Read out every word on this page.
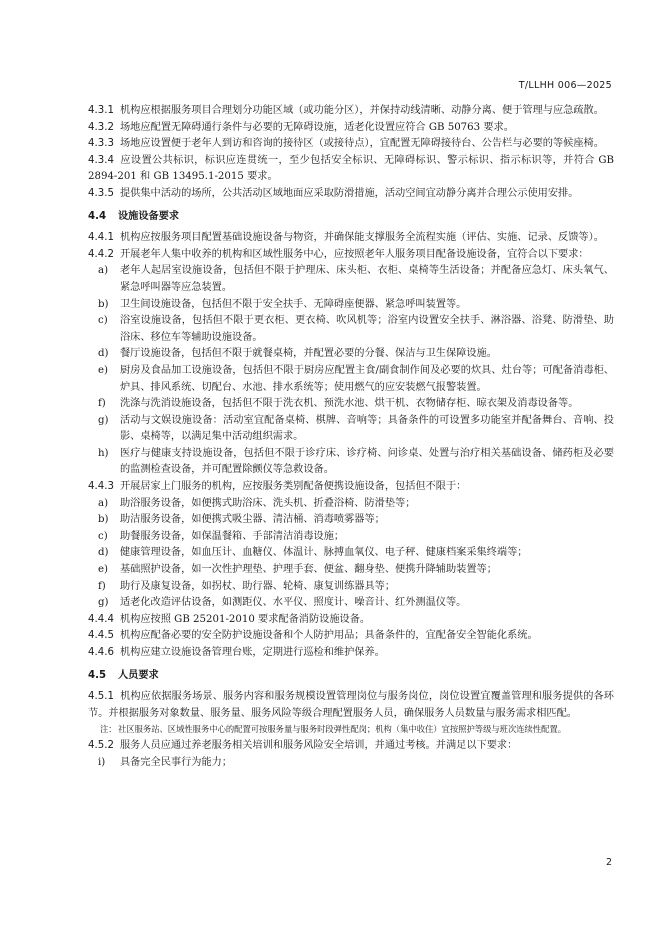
T/LLHH 006—2025
4.3.1 机构应根据服务项目合理划分功能区域（或功能分区），并保持动线清晰、动静分离、便于管理与应急疏散。
4.3.2 场地应配置无障碍通行条件与必要的无障碍设施，适老化设置应符合 GB 50763 要求。
4.3.3 场地应设置便于老年人到访和咨询的接待区（或接待点），宜配置无障碍接待台、公告栏与必要的等候座椅。
4.3.4 应设置公共标识，标识应连贯统一，至少包括安全标识、无障碍标识、警示标识、指示标识等，并符合 GB 2894-201 和 GB 13495.1-2015 要求。
4.3.5 提供集中活动的场所，公共活动区域地面应采取防滑措施，活动空间宜动静分离并合理公示使用安排。
4.4 设施设备要求
4.4.1 机构应按服务项目配置基础设施设备与物资，并确保能支撑服务全流程实施（评估、实施、记录、反馈等）。
4.4.2 开展老年人集中收养的机构和区域性服务中心，应按照老年人服务项目配备设施设备，宜符合以下要求：
a)	老年人起居室设施设备，包括但不限于护理床、床头柜、衣柜、桌椅等生活设备；并配备应急灯、床头氧气、紧急呼叫器等应急装置。
b)	卫生间设施设备，包括但不限于安全扶手、无障碍座便器、紧急呼叫装置等。
c)	浴室设施设备，包括但不限于更衣柜、更衣椅、吹风机等；浴室内设置安全扶手、淋浴器、浴凳、防滑垫、助浴床、移位车等辅助设施设备。
d)	餐厅设施设备，包括但不限于就餐桌椅，并配置必要的分餐、保洁与卫生保障设施。
e)	厨房及食品加工设施设备，包括但不限于厨房应配置主食/副食制作间及必要的炊具、灶台等；可配备消毒柜、炉具、排风系统、切配台、水池、排水系统等；使用燃气的应安装燃气报警装置。
f)	洗涤与洗消设施设备，包括但不限于洗衣机、预洗水池、烘干机、衣物储存柜、晾衣架及消毒设备等。
g)	活动与文娱设施设备：活动室宜配备桌椅、棋牌、音响等；具备条件的可设置多功能室并配备舞台、音响、投影、桌椅等，以满足集中活动组织需求。
h)	医疗与健康支持设施设备，包括但不限于诊疗床、诊疗椅、问诊桌、处置与治疗相关基础设备、储药柜及必要的监测检查设备，并可配置除颤仪等急救设备。
4.4.3 开展居家上门服务的机构，应按服务类别配备便携设施设备，包括但不限于：
a)	助浴服务设备，如便携式助浴床、洗头机、折叠浴椅、防滑垫等；
b)	助洁服务设备，如便携式吸尘器、清洁桶、消毒喷雾器等；
c)	助餐服务设备，如保温餐箱、手部清洁消毒设施；
d)	健康管理设备，如血压计、血糖仪、体温计、脉搏血氧仪、电子秤、健康档案采集终端等；
e)	基础照护设备，如一次性护理垫、护理手套、便盆、翻身垫、便携升降辅助装置等；
f)	助行及康复设备，如拐杖、助行器、轮椅、康复训练器具等；
g)	适老化改造评估设备，如测距仪、水平仪、照度计、噪音计、红外测温仪等。
4.4.4 机构应按照 GB 25201-2010 要求配备消防设施设备。
4.4.5 机构应配备必要的安全防护设施设备和个人防护用品；具备条件的，宜配备安全智能化系统。
4.4.6 机构应建立设施设备管理台账，定期进行巡检和维护保养。
4.5 人员要求
4.5.1 机构应依据服务场景、服务内容和服务规模设置管理岗位与服务岗位，岗位设置宜覆盖管理和服务提供的各环节。并根据服务对象数量、服务量、服务风险等级合理配置服务人员，确保服务人员数量与服务需求相匹配。
注： 社区服务站、区域性服务中心的配置可按服务量与服务时段弹性配岗；机构（集中收住）宜按照护等级与班次连续性配置。
4.5.2 服务人员应通过养老服务相关培训和服务风险安全培训，并通过考核。并满足以下要求：
i)	具备完全民事行为能力；
2
